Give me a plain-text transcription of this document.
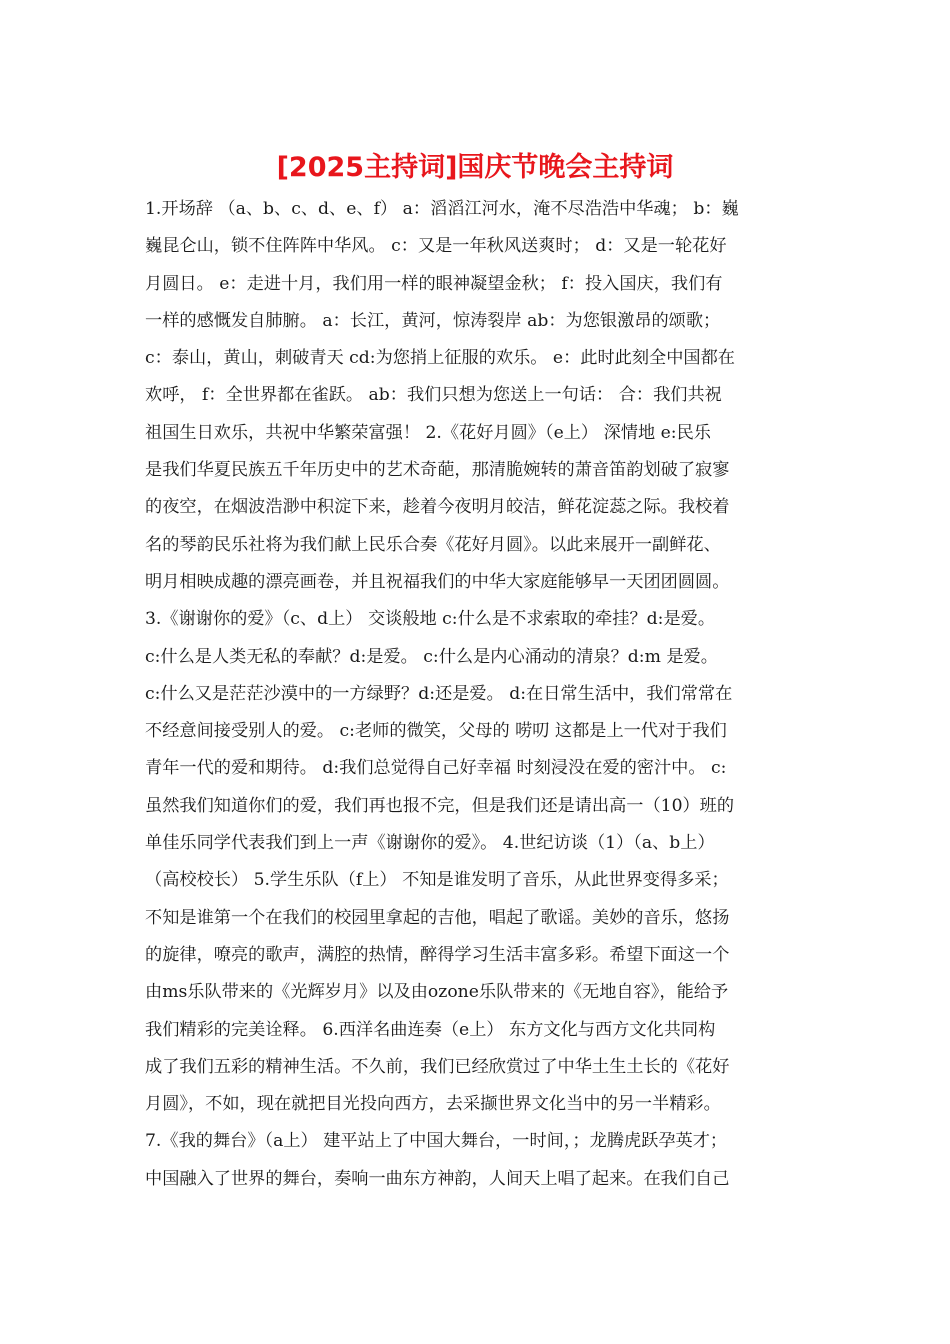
[2025主持词]国庆节晚会主持词
1.开场辞 （a、b、c、d、e、f） a：滔滔江河水，淹不尽浩浩中华魂； b：巍
巍昆仑山，锁不住阵阵中华风。 c：又是一年秋风送爽时； d：又是一轮花好
月圆日。 e：走进十月，我们用一样的眼神凝望金秋； f：投入国庆，我们有
一样的感慨发自肺腑。 a：长江，黄河，惊涛裂岸 ab：为您银激昂的颂歌；
c：泰山，黄山，刺破青天 cd:为您捎上征服的欢乐。 e：此时此刻全中国都在
欢呼， f：全世界都在雀跃。 ab：我们只想为您送上一句话： 合：我们共祝
祖国生日欢乐，共祝中华繁荣富强！ 2.《花好月圆》（e上） 深情地 e:民乐
是我们华夏民族五千年历史中的艺术奇葩，那清脆婉转的萧音笛韵划破了寂寥
的夜空，在烟波浩渺中积淀下来，趁着今夜明月皎洁，鲜花淀蕊之际。我校着
名的琴韵民乐社将为我们献上民乐合奏《花好月圆》。以此来展开一副鲜花、
明月相映成趣的漂亮画卷，并且祝福我们的中华大家庭能够早一天团团圆圆。
3.《谢谢你的爱》（c、d上） 交谈般地 c:什么是不求索取的牵挂？d:是爱。
c:什么是人类无私的奉献？d:是爱。 c:什么是内心涌动的清泉？d:m 是爱。
c:什么又是茫茫沙漠中的一方绿野？d:还是爱。 d:在日常生活中，我们常常在
不经意间接受别人的爱。 c:老师的微笑，父母的 唠叨 这都是上一代对于我们
青年一代的爱和期待。 d:我们总觉得自己好幸福 时刻浸没在爱的密汁中。 c:
虽然我们知道你们的爱，我们再也报不完，但是我们还是请出高一（10）班的
单佳乐同学代表我们到上一声《谢谢你的爱》。 4.世纪访谈（1）（a、b上）
（高校校长） 5.学生乐队（f上） 不知是谁发明了音乐，从此世界变得多采；
不知是谁第一个在我们的校园里拿起的吉他，唱起了歌谣。美妙的音乐，悠扬
的旋律，嘹亮的歌声，满腔的热情，醉得学习生活丰富多彩。希望下面这一个
由ms乐队带来的《光辉岁月》以及由ozone乐队带来的《无地自容》，能给予
我们精彩的完美诠释。 6.西洋名曲连奏（e上） 东方文化与西方文化共同构
成了我们五彩的精神生活。不久前，我们已经欣赏过了中华土生土长的《花好
月圆》，不如，现在就把目光投向西方，去采撷世界文化当中的另一半精彩。
7.《我的舞台》（a上） 建平站上了中国大舞台，一时间，；龙腾虎跃孕英才；
中国融入了世界的舞台，奏响一曲东方神韵，人间天上唱了起来。在我们自己
